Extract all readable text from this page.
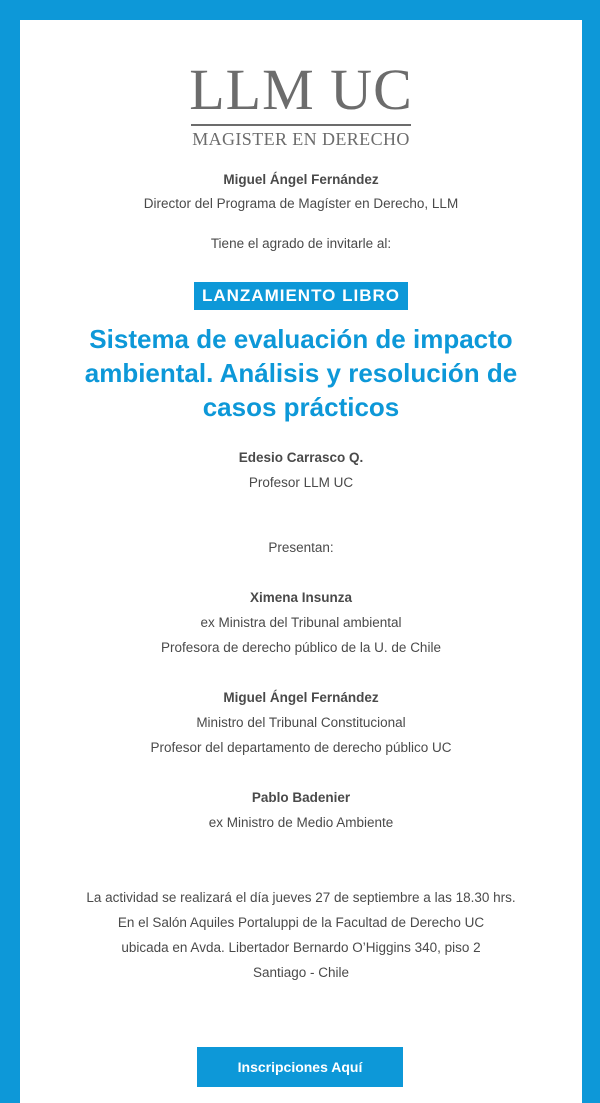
LLM UC
MAGISTER EN DERECHO

Miguel Ángel Fernández

Director del Programa de Magíster en Derecho, LLM

Tiene el agrado de invitarle al:

LANZAMIENTO LIBRO
Sistema de evaluación de impacto ambiental. Análisis y resolución de casos prácticos

Edesio Carrasco Q.

Profesor LLM UC

Presentan:

Ximena Insunza

ex Ministra del Tribunal ambiental

Profesora de derecho público de la U. de Chile

Miguel Ángel Fernández

Ministro del Tribunal Constitucional

Profesor del departamento de derecho público UC

Pablo Badenier

ex Ministro de Medio Ambiente

La actividad se realizará el día jueves 27 de septiembre a las 18.30 hrs.

En el Salón Aquiles Portaluppi de la Facultad de Derecho UC

ubicada en Avda. Libertador Bernardo O’Higgins 340, piso 2

Santiago - Chile

Inscripciones Aquí
